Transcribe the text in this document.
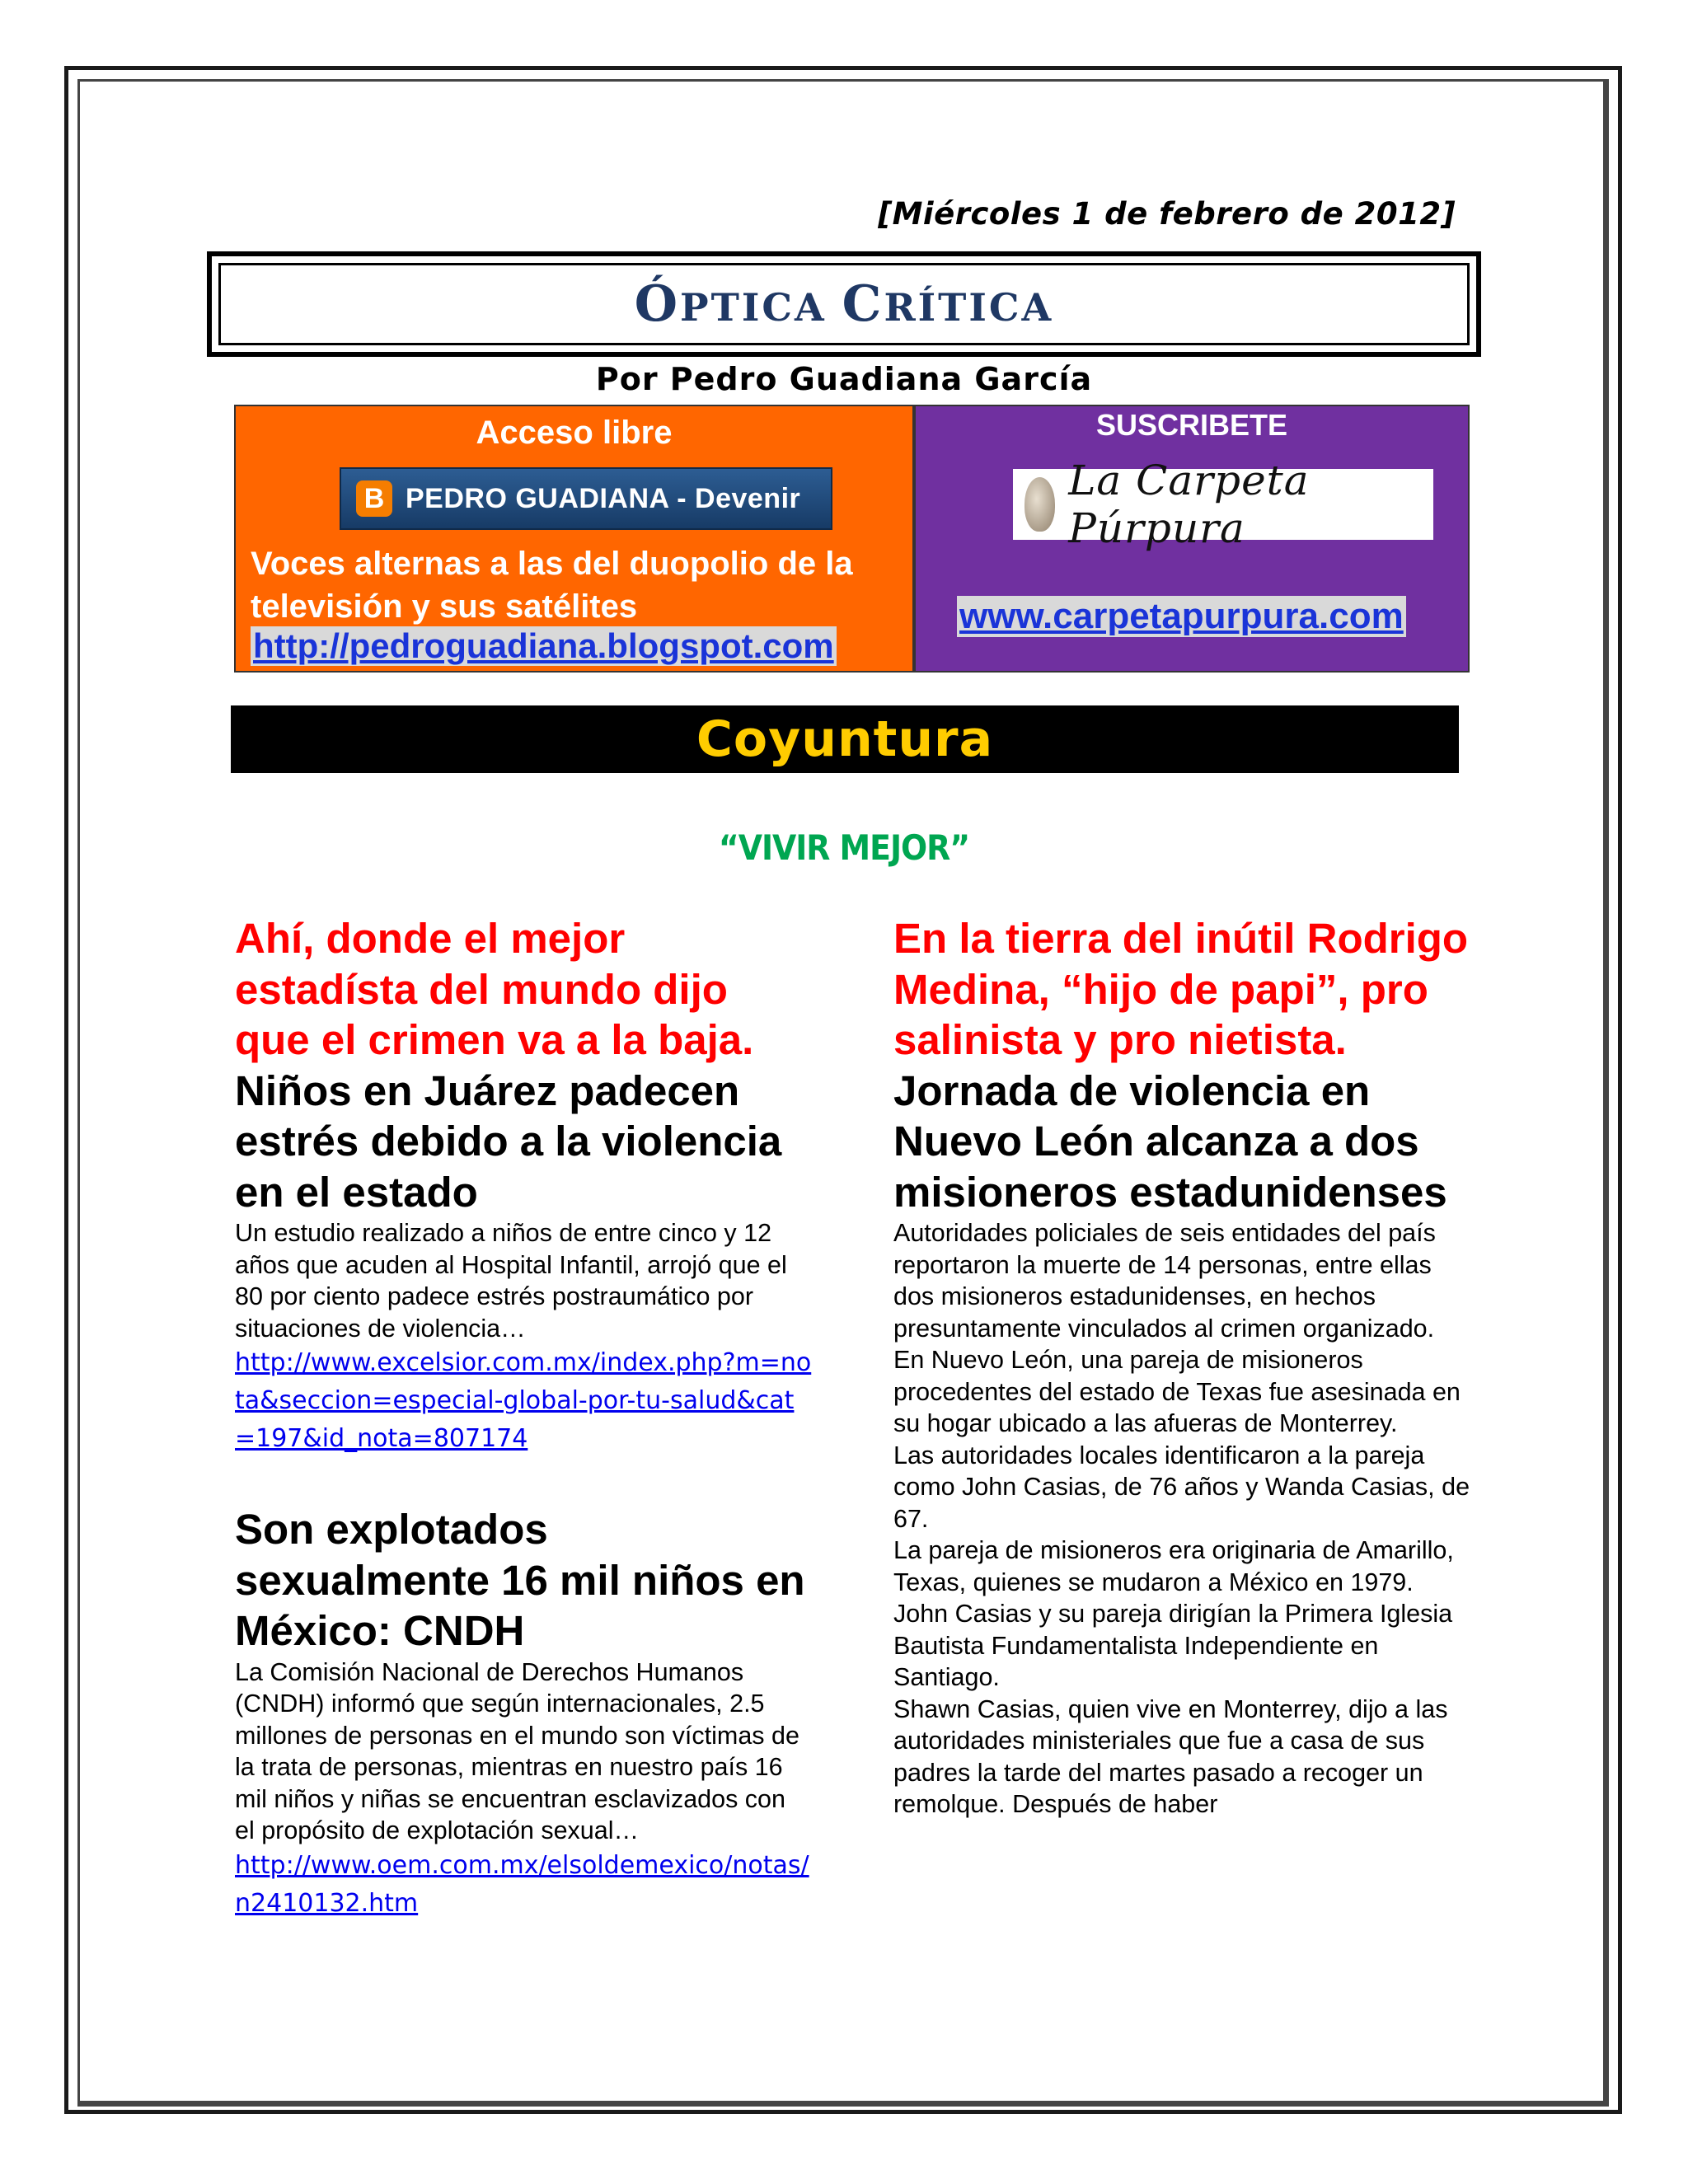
[Miércoles 1 de febrero de 2012]
ÓPTICA CRÍTICA
Por Pedro Guadiana García
Acceso libre
B PEDRO GUADIANA - Devenir
Voces alternas a las del duopolio de la televisión y sus satélites
http://pedroguadiana.blogspot.com
SUSCRIBETE
La Carpeta Púrpura
www.carpetapurpura.com
Coyuntura
“VIVIR MEJOR”
Ahí, donde el mejor estadísta del mundo dijo que el crimen va a la baja.
Niños en Juárez padecen estrés debido a la violencia en el estado
Un estudio realizado a niños de entre cinco y 12 años que acuden al Hospital Infantil, arrojó que el 80 por ciento padece estrés postraumático por situaciones de violencia…
http://www.excelsior.com.mx/index.php?m=nota&seccion=especial-global-por-tu-salud&cat=197&id_nota=807174
Son explotados sexualmente 16 mil niños en México: CNDH
La Comisión Nacional de Derechos Humanos (CNDH) informó que según internacionales, 2.5 millones de personas en el mundo son víctimas de la trata de personas, mientras en nuestro país 16 mil niños y niñas se encuentran esclavizados con el propósito de explotación sexual…
http://www.oem.com.mx/elsoldemexico/notas/n2410132.htm
En la tierra del inútil Rodrigo Medina, “hijo de papi”, pro salinista y pro nietista. Jornada de violencia en Nuevo León alcanza a dos misioneros estadunidenses
Autoridades policiales de seis entidades del país reportaron la muerte de 14 personas, entre ellas dos misioneros estadunidenses, en hechos presuntamente vinculados al crimen organizado.
En Nuevo León, una pareja de misioneros procedentes del estado de Texas fue asesinada en su hogar ubicado a las afueras de Monterrey.
Las autoridades locales identificaron a la pareja como John Casias, de 76 años y Wanda Casias, de 67.
La pareja de misioneros era originaria de Amarillo, Texas, quienes se mudaron a México en 1979.
John Casias y su pareja dirigían la Primera Iglesia Bautista Fundamentalista Independiente en Santiago.
Shawn Casias, quien vive en Monterrey, dijo a las autoridades ministeriales que fue a casa de sus padres la tarde del martes pasado a recoger un remolque. Después de haber
